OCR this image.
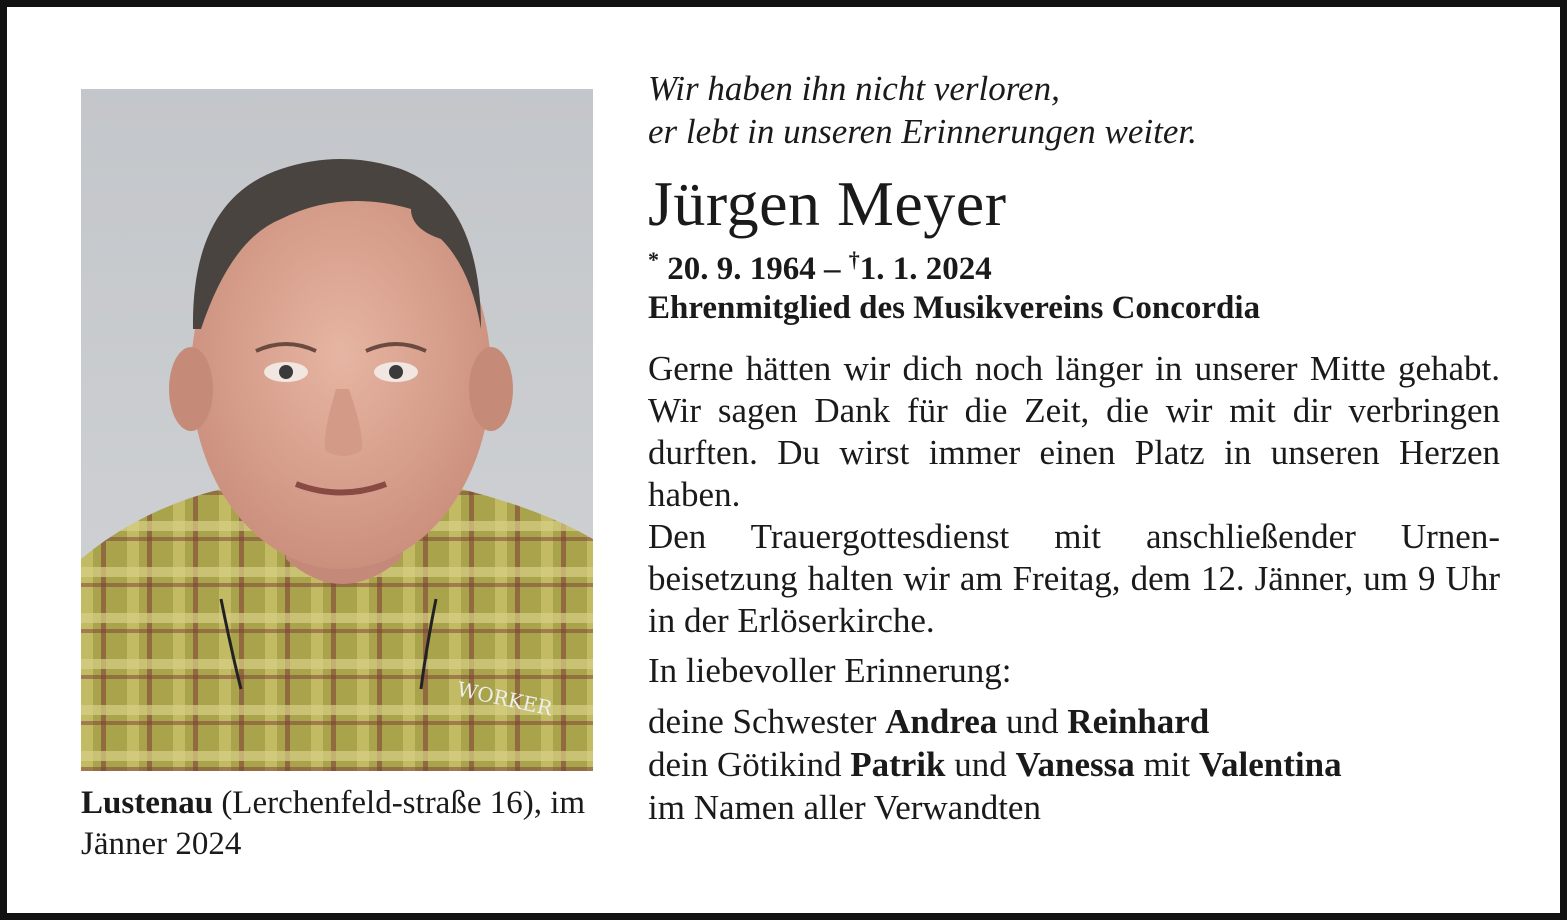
WORKER
Lustenau (Lerchenfeld-straße 16), im Jänner 2024
Wir haben ihn nicht verloren,
er lebt in unseren Erinnerungen weiter.
Jürgen Meyer
* 20. 9. 1964 – †1. 1. 2024
Ehrenmitglied des Musikvereins Concordia
Gerne hätten wir dich noch länger in unserer Mitte gehabt. Wir sagen Dank für die Zeit, die wir mit dir verbringen durften. Du wirst immer einen Platz in unseren Herzen haben.
Den Trauergottesdienst mit anschließender Urnen-beisetzung halten wir am Freitag, dem 12. Jänner, um 9 Uhr in der Erlöserkirche.
In liebevoller Erinnerung:
deine Schwester Andrea und Reinhard
dein Götikind Patrik und Vanessa mit Valentina
im Namen aller Verwandten
